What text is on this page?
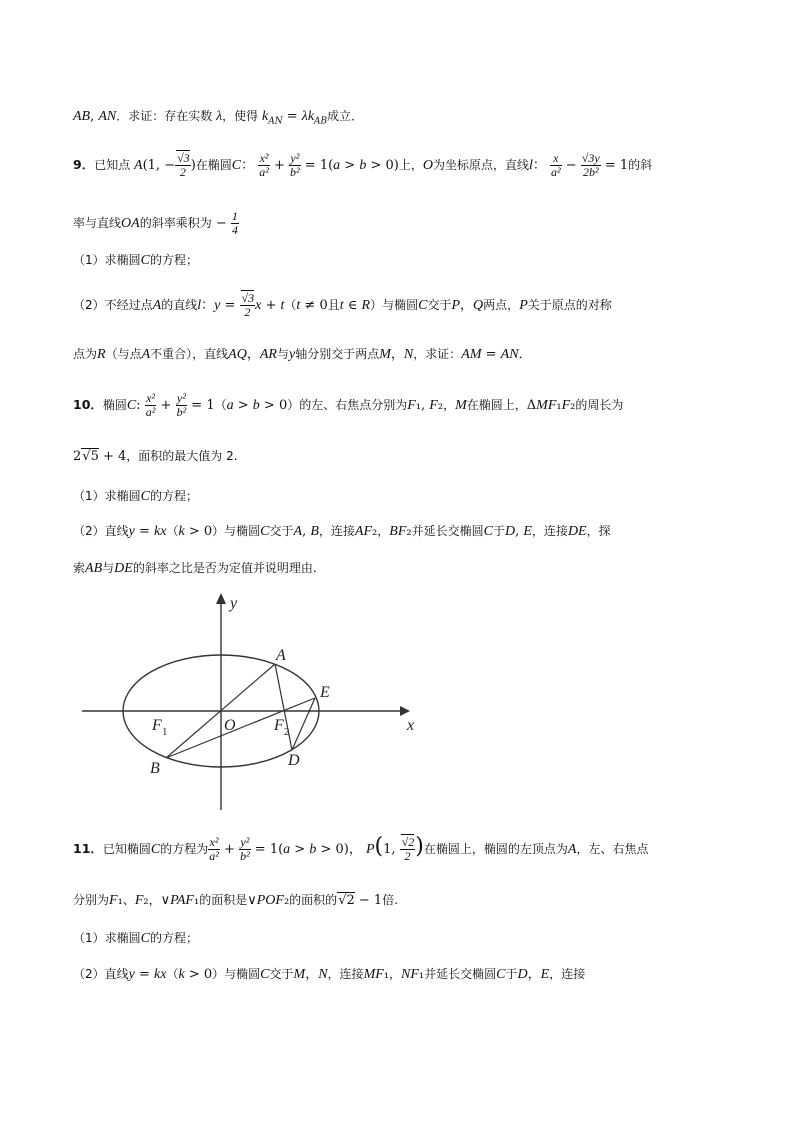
AB, AN．求证：存在实数 λ，使得 $k_{AN} = \lambda k_{AB}$成立．
9．已知点 A(1, − $\frac{√3}{2}$ )在椭圆C： $\frac{\text{x²}}{\text{a²}} + \frac{\text{y²}}{\text{b²}} = 1(a > b > 0)$上，O为坐标原点，直线l： $\frac{x}{\text{a²}} - \frac{√3y}{\text{2b²}} = 1$的斜
率与直线OA的斜率乘积为 − $\frac{1}{4}$
（1）求椭圆C的方程；
（2）不经过点A的直线l：$y = \frac{√3}{2}$ x + t（t ≠ 0且t ∈ R）与椭圆C交于P，Q两点，P关于原点的对称
点为R（与点A不重合），直线AQ，AR与y轴分别交于两点M，N，求证：AM = AN．
10．椭圆C: $\frac{\text{x²}}{\text{a²}} + \frac{\text{y²}}{\text{b²}} = 1(a > b > 0)$的左、右焦点分别为F₁, F₂，M在椭圆上，ΔMF₁F₂的周长为
2√5 + 4，面积的最大值为 2.
（1）求椭圆C的方程；
（2）直线y = kx（k > 0）与椭圆C交于A, B，连接AF₂，BF₂并延长交椭圆C于D, E，连接DE，探
索AB与DE的斜率之比是否为定值并说明理由.
y
x
O
A
B	D
E
F 1	F 2
11．已知椭圆C的方程为 $\frac{\text{x²}}{\text{a²}} + \frac{\text{y²}}{\text{b²}} = 1(a > b > 0)$， P(1, $\frac{√2}{2}$ )在椭圆上，椭圆的左顶点为A，左、右焦点
分别为F₁、F₂，∨PAF₁的面积是∨POF₂的面积的√2 − 1倍.
（1）求椭圆C的方程；
（2）直线y = kx（k > 0）与椭圆C交于M，N，连接MF₁，NF₁并延长交椭圆C于D，E，连接
